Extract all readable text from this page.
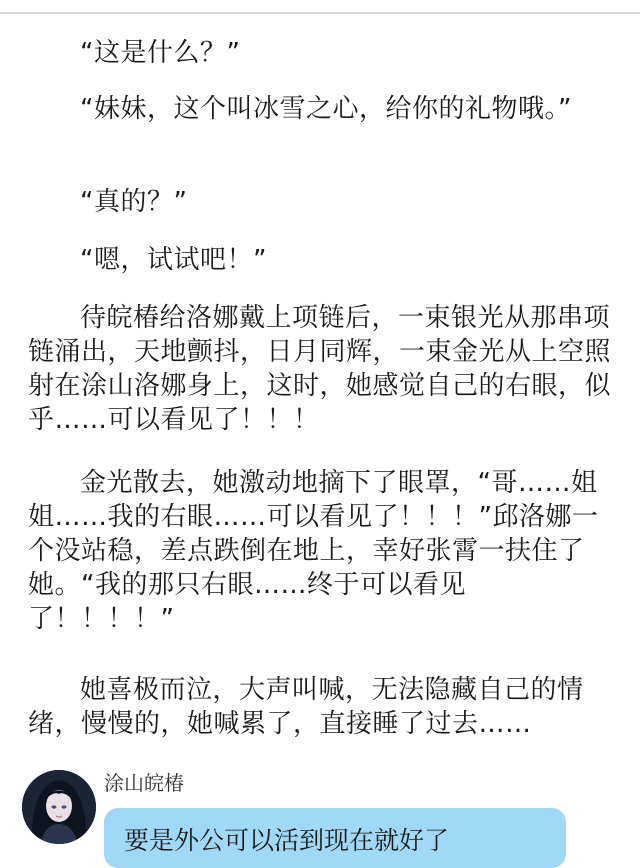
“这是什么？”

“妹妹，这个叫冰雪之心，给你的礼物哦。”

“真的？”

“嗯，试试吧！”

待皖椿给洛娜戴上项链后，一束银光从那串项链涌出，天地颤抖，日月同辉，一束金光从上空照射在涂山洛娜身上，这时，她感觉自己的右眼，似乎……可以看见了！！！

金光散去，她激动地摘下了眼罩，“哥……姐姐……我的右眼……可以看见了！！！”邱洛娜一个没站稳，差点跌倒在地上，幸好张霄一扶住了她。“我的那只右眼……终于可以看见了！！！！”

她喜极而泣，大声叫喊，无法隐藏自己的情绪，慢慢的，她喊累了，直接睡了过去……

涂山皖椿
要是外公可以活到现在就好了
